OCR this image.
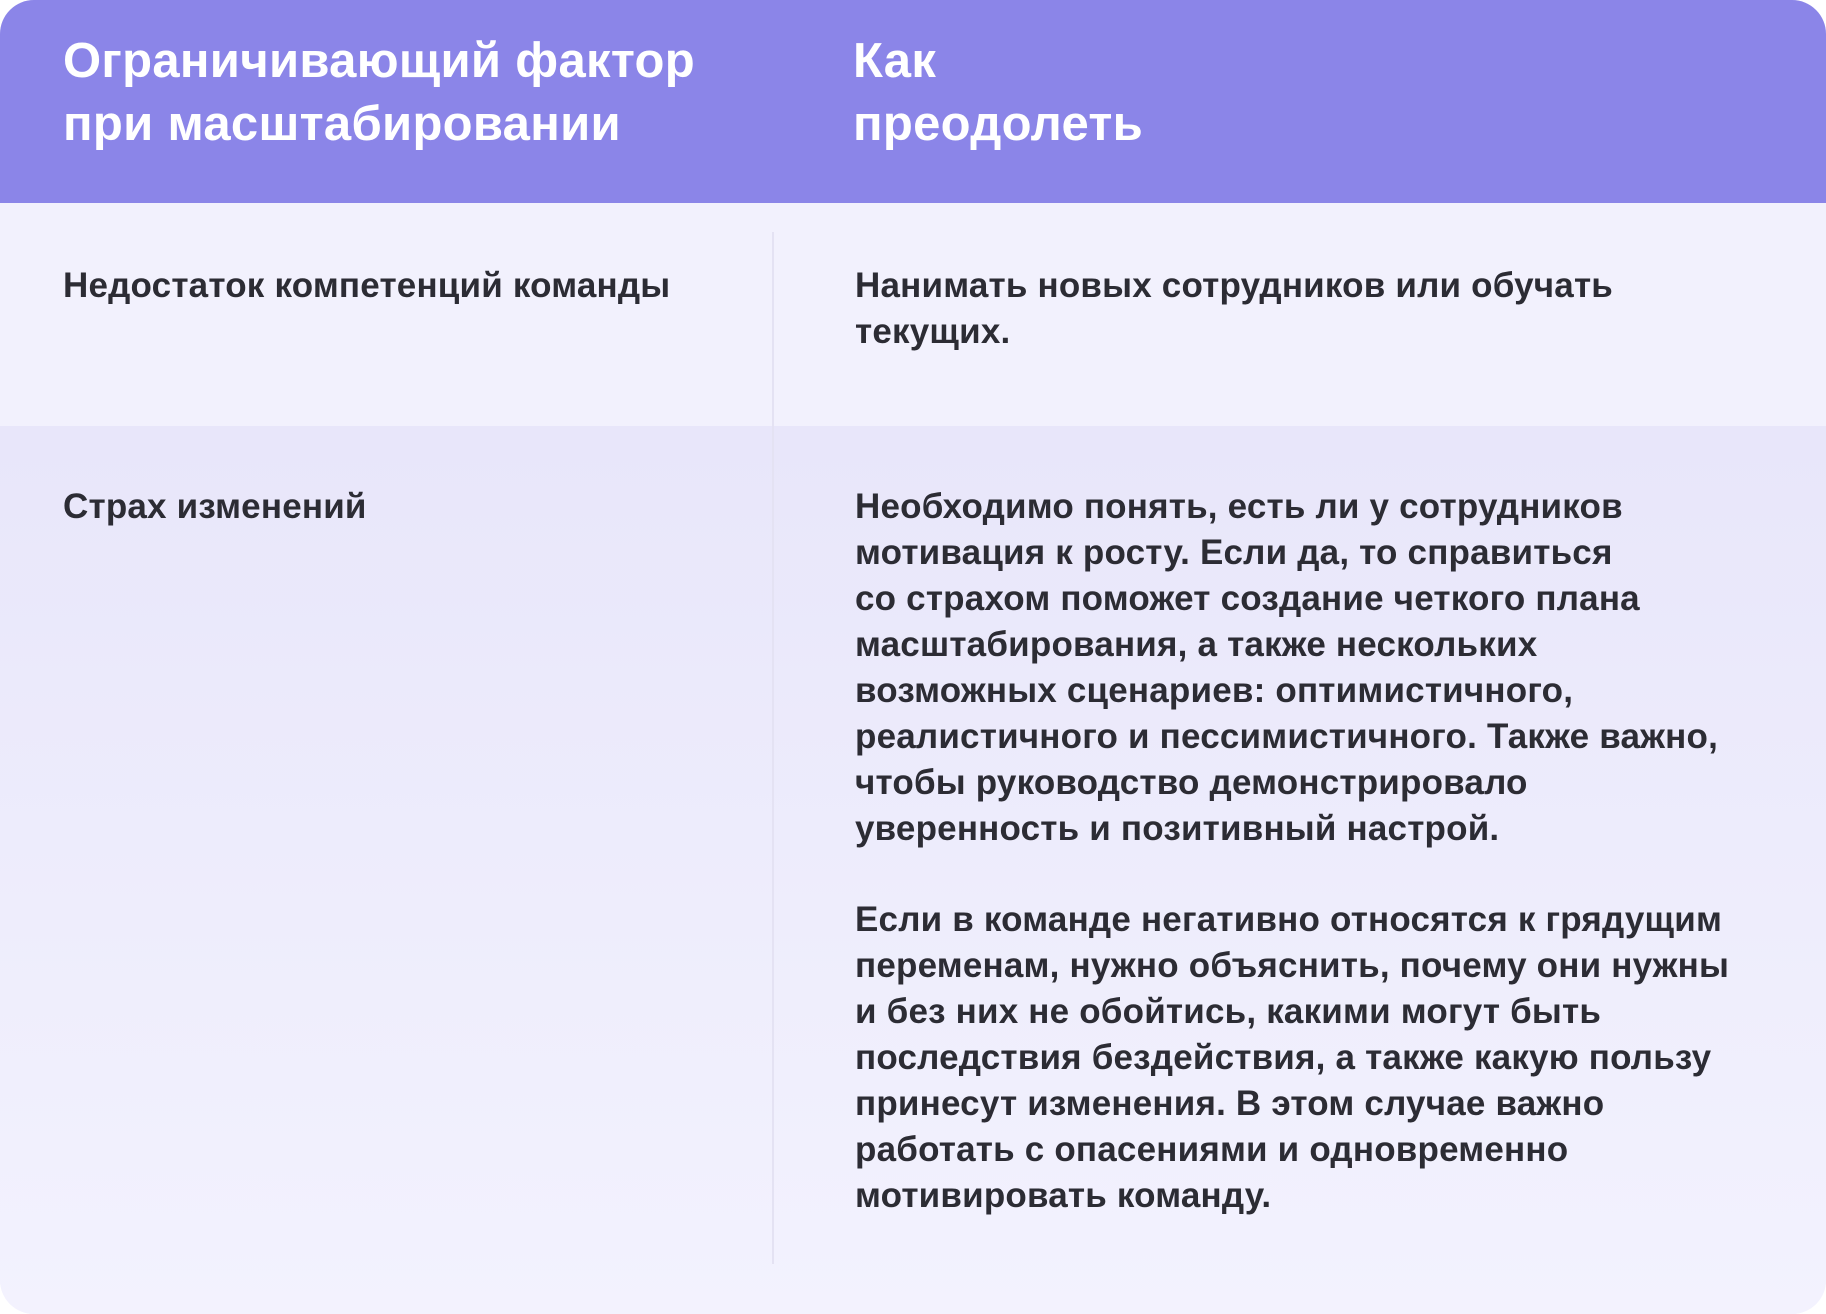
Ограничивающий фактор
при масштабировании
Как
преодолеть
Недостаток компетенций команды	Нанимать новых сотрудников или обучать
текущих.
Страх изменений	Необходимо понять, есть ли у сотрудников
мотивация к росту. Если да, то справиться
со страхом поможет создание четкого плана
масштабирования, а также нескольких
возможных сценариев: оптимистичного,
реалистичного и пессимистичного. Также важно,
чтобы руководство демонстрировало
уверенность и позитивный настрой.
Если в команде негативно относятся к грядущим
переменам, нужно объяснить, почему они нужны
и без них не обойтись, какими могут быть
последствия бездействия, а также какую пользу
принесут изменения. В этом случае важно
работать с опасениями и одновременно
мотивировать команду.
